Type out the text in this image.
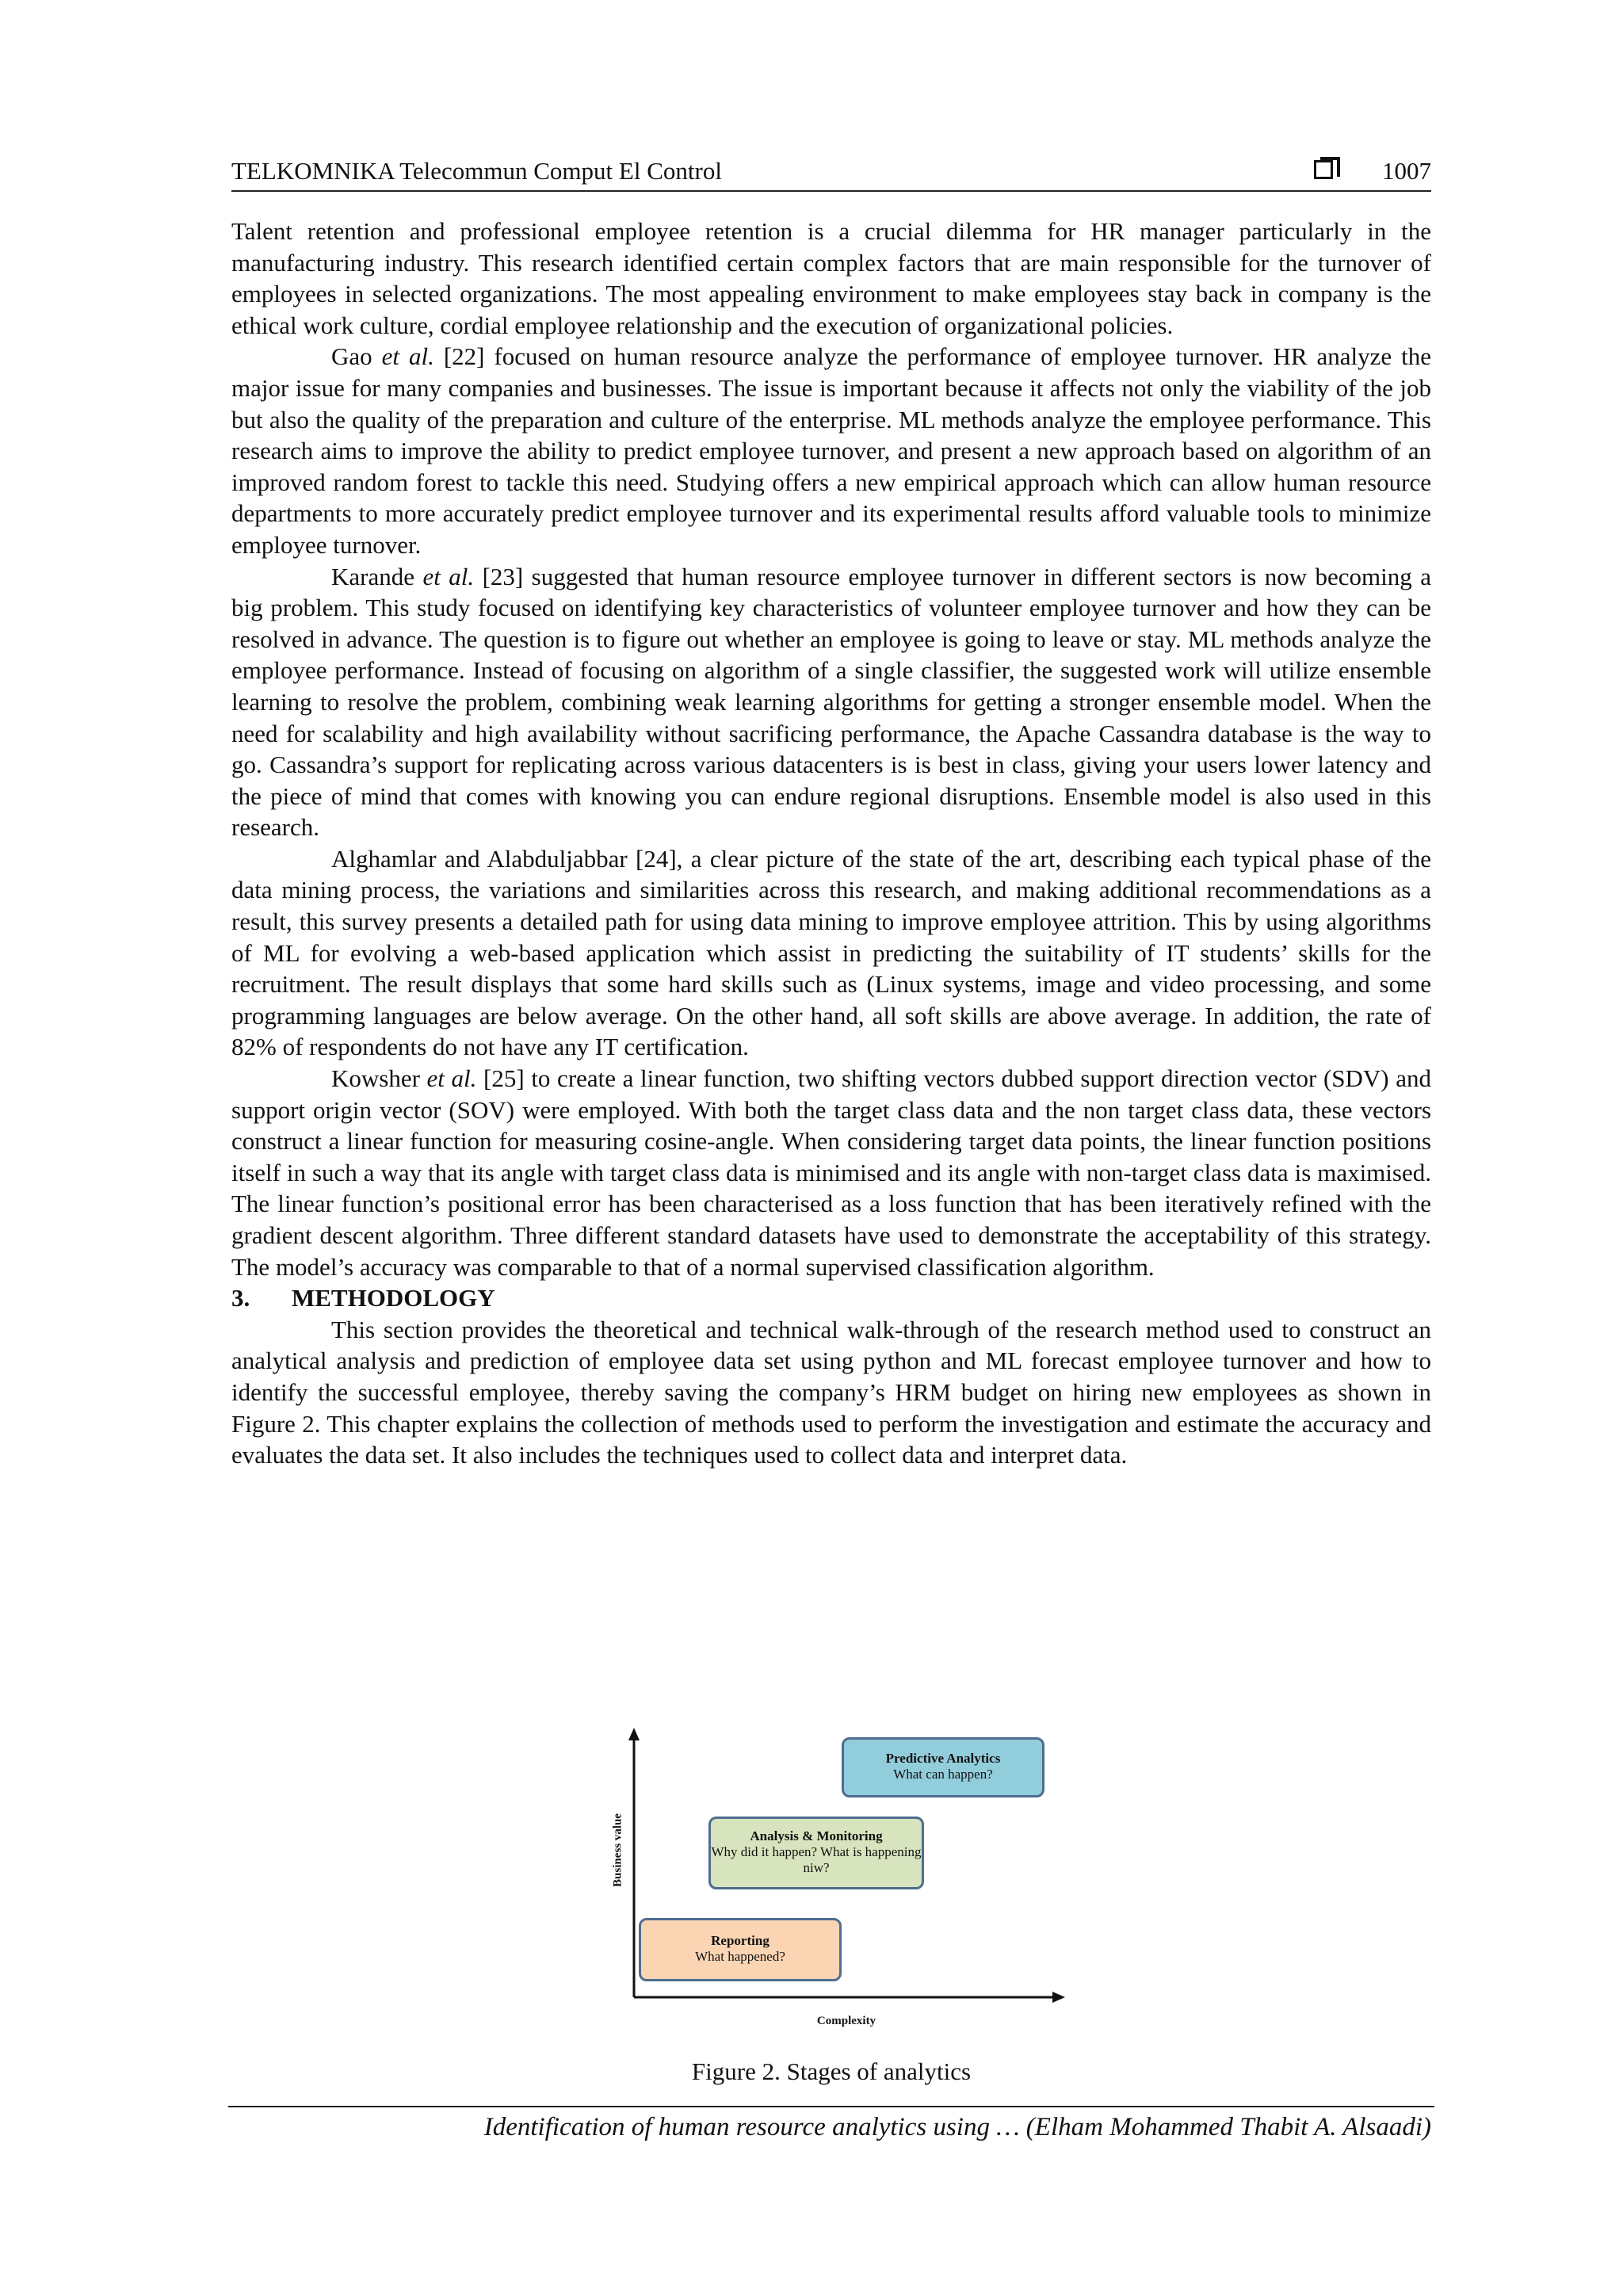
TELKOMNIKA Telecommun Comput El Control	1007

Talent retention and professional employee retention is a crucial dilemma for HR manager particularly in the manufacturing industry. This research identified certain complex factors that are main responsible for the turnover of employees in selected organizations. The most appealing environment to make employees stay back in company is the ethical work culture, cordial employee relationship and the execution of organizational policies.

Gao et al. [22] focused on human resource analyze the performance of employee turnover. HR analyze the major issue for many companies and businesses. The issue is important because it affects not only the viability of the job but also the quality of the preparation and culture of the enterprise. ML methods analyze the employee performance. This research aims to improve the ability to predict employee turnover, and present a new approach based on algorithm of an improved random forest to tackle this need. Studying offers a new empirical approach which can allow human resource departments to more accurately predict employee turnover and its experimental results afford valuable tools to minimize employee turnover.

Karande et al. [23] suggested that human resource employee turnover in different sectors is now becoming a big problem. This study focused on identifying key characteristics of volunteer employee turnover and how they can be resolved in advance. The question is to figure out whether an employee is going to leave or stay. ML methods analyze the employee performance. Instead of focusing on algorithm of a single classifier, the suggested work will utilize ensemble learning to resolve the problem, combining weak learning algorithms for getting a stronger ensemble model. When the need for scalability and high availability without sacrificing performance, the Apache Cassandra database is the way to go. Cassandra’s support for replicating across various datacenters is is best in class, giving your users lower latency and the piece of mind that comes with knowing you can endure regional disruptions. Ensemble model is also used in this research.

Alghamlar and Alabduljabbar [24], a clear picture of the state of the art, describing each typical phase of the data mining process, the variations and similarities across this research, and making additional recommendations as a result, this survey presents a detailed path for using data mining to improve employee attrition. This by using algorithms of ML for evolving a web-based application which assist in predicting the suitability of IT students’ skills for the recruitment. The result displays that some hard skills such as (Linux systems, image and video processing, and some programming languages are below average. On the other hand, all soft skills are above average. In addition, the rate of 82% of respondents do not have any IT certification.

Kowsher et al. [25] to create a linear function, two shifting vectors dubbed support direction vector (SDV) and support origin vector (SOV) were employed. With both the target class data and the non target class data, these vectors construct a linear function for measuring cosine-angle. When considering target data points, the linear function positions itself in such a way that its angle with target class data is minimised and its angle with non-target class data is maximised. The linear function’s positional error has been characterised as a loss function that has been iteratively refined with the gradient descent algorithm. Three different standard datasets have used to demonstrate the acceptability of this strategy. The model’s accuracy was comparable to that of a normal supervised classification algorithm.

3. METHODOLOGY

This section provides the theoretical and technical walk-through of the research method used to construct an analytical analysis and prediction of employee data set using python and ML forecast employee turnover and how to identify the successful employee, thereby saving the company’s HRM budget on hiring new employees as shown in Figure 2. This chapter explains the collection of methods used to perform the investigation and estimate the accuracy and evaluates the data set. It also includes the techniques used to collect data and interpret data.

Business value
Complexity
Predictive Analytics
What can happen?
Analysis & Monitoring
Why did it happen? What is happening niw?
Reporting
What happened?
Figure 2. Stages of analytics
Identification of human resource analytics using … (Elham Mohammed Thabit A. Alsaadi)
